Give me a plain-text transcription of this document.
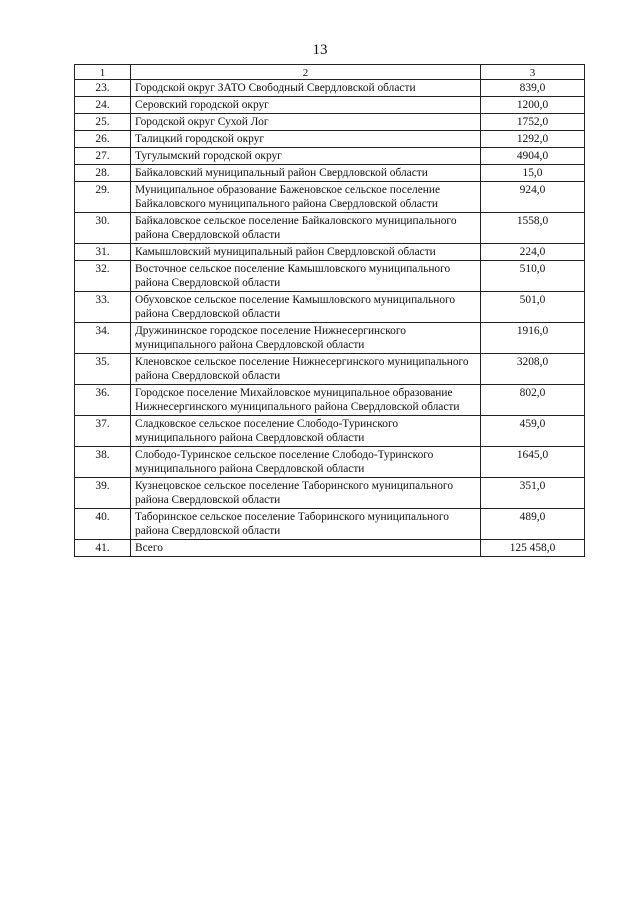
13
1	2	3
23.	Городской округ ЗАТО Свободный Свердловской области	839,0
24.	Серовский городской округ	1200,0
25.	Городской округ Сухой Лог	1752,0
26.	Талицкий городской округ	1292,0
27.	Тугулымский городской округ	4904,0
28.	Байкаловский муниципальный район Свердловской области	15,0
29.	Муниципальное образование Баженовское сельское поселение Байкаловского муниципального района Свердловской области	924,0
30.	Байкаловское сельское поселение Байкаловского муниципального района Свердловской области	1558,0
31.	Камышловский муниципальный район Свердловской области	224,0
32.	Восточное сельское поселение Камышловского муниципального района Свердловской области	510,0
33.	Обуховское сельское поселение Камышловского муниципального района Свердловской области	501,0
34.	Дружининское городское поселение Нижнесергинского муниципального района Свердловской области	1916,0
35.	Кленовское сельское поселение Нижнесергинского муниципального района Свердловской области	3208,0
36.	Городское поселение Михайловское муниципальное образование Нижнесергинского муниципального района Свердловской области	802,0
37.	Сладковское сельское поселение Слободо-Туринского муниципального района Свердловской области	459,0
38.	Слободо-Туринское сельское поселение Слободо-Туринского муниципального района Свердловской области	1645,0
39.	Кузнецовское сельское поселение Таборинского муниципального района Свердловской области	351,0
40.	Таборинское сельское поселение Таборинского муниципального района Свердловской области	489,0
41.	Всего	125 458,0
